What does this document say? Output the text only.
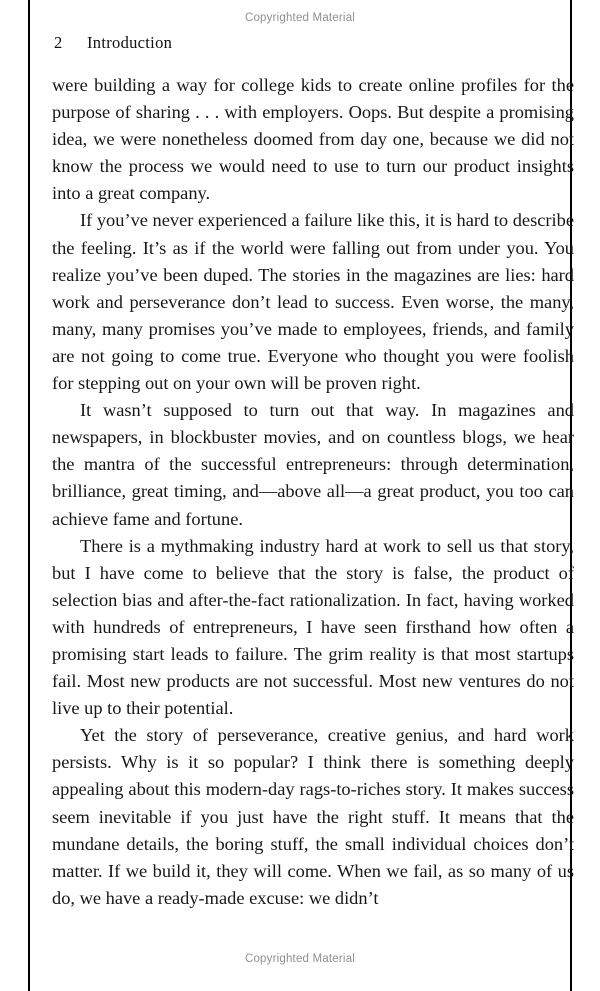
Copyrighted Material
2 Introduction

were building a way for college kids to create online profiles for the purpose of sharing . . . with employers. Oops. But despite a promising idea, we were nonetheless doomed from day one, because we did not know the process we would need to use to turn our product insights into a great company.

If you’ve never experienced a failure like this, it is hard to describe the feeling. It’s as if the world were falling out from under you. You realize you’ve been duped. The stories in the magazines are lies: hard work and perseverance don’t lead to success. Even worse, the many, many, many promises you’ve made to employees, friends, and family are not going to come true. Everyone who thought you were foolish for stepping out on your own will be proven right.

It wasn’t supposed to turn out that way. In magazines and newspapers, in blockbuster movies, and on countless blogs, we hear the mantra of the successful entrepreneurs: through determination, brilliance, great timing, and—above all—a great product, you too can achieve fame and fortune.

There is a mythmaking industry hard at work to sell us that story, but I have come to believe that the story is false, the product of selection bias and after-the-fact rationalization. In fact, having worked with hundreds of entrepreneurs, I have seen firsthand how often a promising start leads to failure. The grim reality is that most startups fail. Most new products are not successful. Most new ventures do not live up to their potential.

Yet the story of perseverance, creative genius, and hard work persists. Why is it so popular? I think there is something deeply appealing about this modern-day rags-to-riches story. It makes success seem inevitable if you just have the right stuff. It means that the mundane details, the boring stuff, the small individual choices don’t matter. If we build it, they will come. When we fail, as so many of us do, we have a ready-made excuse: we didn’t

Copyrighted Material
